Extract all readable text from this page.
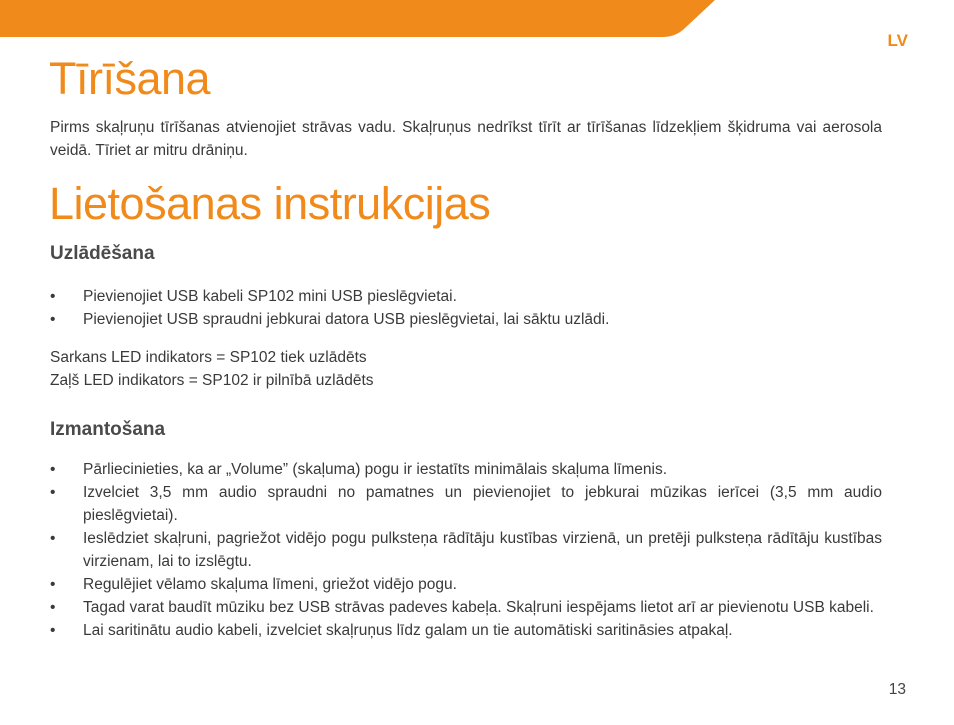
LV
Tīrīšana

Pirms skaļruņu tīrīšanas atvienojiet strāvas vadu. Skaļruņus nedrīkst tīrīt ar tīrīšanas līdzekļiem šķidruma vai aerosola veidā. Tīriet ar mitru drāniņu.

Lietošanas instrukcijas
Uzlādēšana
• Pievienojiet USB kabeli SP102 mini USB pieslēgvietai.
• Pievienojiet USB spraudni jebkurai datora USB pieslēgvietai, lai sāktu uzlādi.
Sarkans LED indikators = SP102 tiek uzlādēts
Zaļš LED indikators = SP102 ir pilnībā uzlādēts
Izmantošana
• Pārliecinieties, ka ar „Volume” (skaļuma) pogu ir iestatīts minimālais skaļuma līmenis.
• Izvelciet 3,5 mm audio spraudni no pamatnes un pievienojiet to jebkurai mūzikas ierīcei (3,5 mm audio pieslēgvietai).
• Ieslēdziet skaļruni, pagriežot vidējo pogu pulksteņa rādītāju kustības virzienā, un pretēji pulksteņa rādītāju kustības virzienam, lai to izslēgtu.
• Regulējiet vēlamo skaļuma līmeni, griežot vidējo pogu.
• Tagad varat baudīt mūziku bez USB strāvas padeves kabeļa. Skaļruni iespējams lietot arī ar pievienotu USB kabeli.
• Lai saritinātu audio kabeli, izvelciet skaļruņus līdz galam un tie automātiski saritināsies atpakaļ.
13
